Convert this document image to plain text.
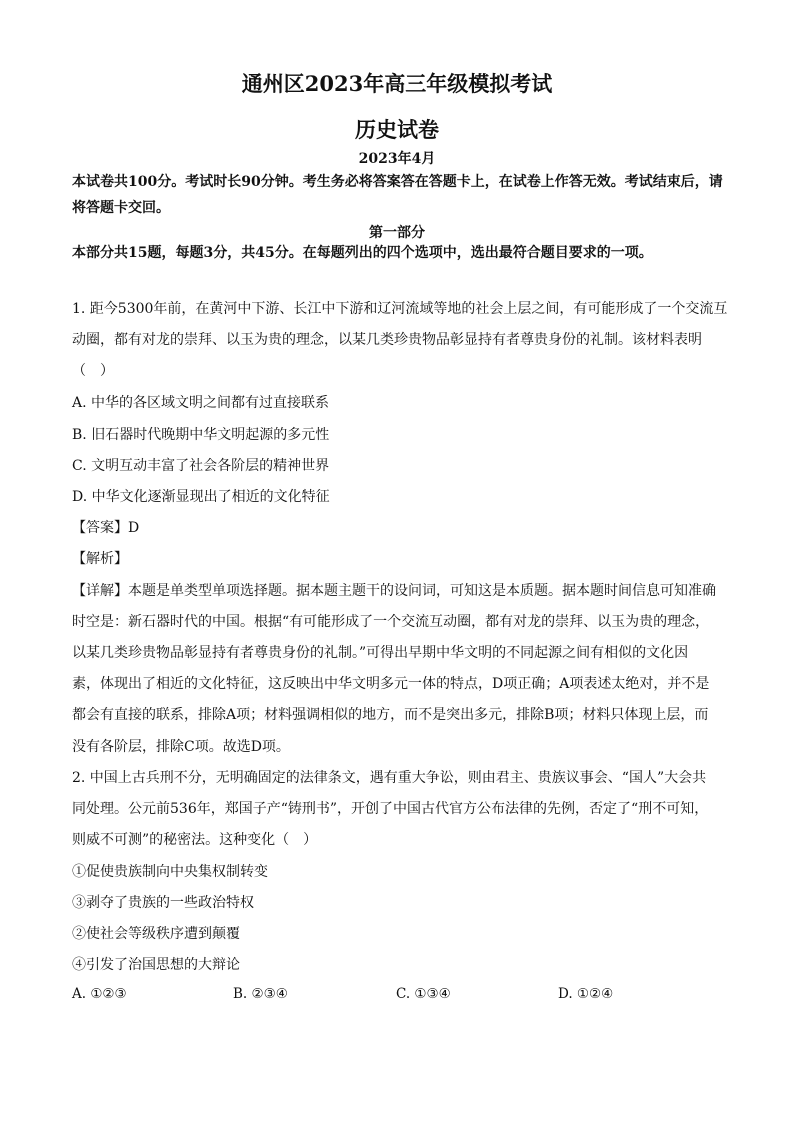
通州区2023年高三年级模拟考试
历史试卷
2023年4月
本试卷共100分。考试时长90分钟。考生务必将答案答在答题卡上，在试卷上作答无效。考试结束后，请将答题卡交回。
第一部分
本部分共15题，每题3分，共45分。在每题列出的四个选项中，选出最符合题目要求的一项。
1. 距今5300年前，在黄河中下游、长江中下游和辽河流域等地的社会上层之间，有可能形成了一个交流互
动圈，都有对龙的崇拜、以玉为贵的理念，以某几类珍贵物品彰显持有者尊贵身份的礼制。该材料表明
（　）
A. 中华的各区域文明之间都有过直接联系
B. 旧石器时代晚期中华文明起源的多元性
C. 文明互动丰富了社会各阶层的精神世界
D. 中华文化逐渐显现出了相近的文化特征
【答案】D
【解析】
【详解】本题是单类型单项选择题。据本题主题干的设问词，可知这是本质题。据本题时间信息可知准确
时空是：新石器时代的中国。根据“有可能形成了一个交流互动圈，都有对龙的崇拜、以玉为贵的理念，
以某几类珍贵物品彰显持有者尊贵身份的礼制。”可得出早期中华文明的不同起源之间有相似的文化因
素，体现出了相近的文化特征，这反映出中华文明多元一体的特点，D项正确；A项表述太绝对，并不是
都会有直接的联系，排除A项；材料强调相似的地方，而不是突出多元，排除B项；材料只体现上层，而
没有各阶层，排除C项。故选D项。
2. 中国上古兵刑不分，无明确固定的法律条文，遇有重大争讼，则由君主、贵族议事会、“国人”大会共
同处理。公元前536年，郑国子产“铸刑书”，开创了中国古代官方公布法律的先例，否定了“刑不可知，
则威不可测”的秘密法。这种变化（　）
①促使贵族制向中央集权制转变
③剥夺了贵族的一些政治特权
②使社会等级秩序遭到颠覆
④引发了治国思想的大辩论
A. ①②③	B. ②③④	C. ①③④	D. ①②④
